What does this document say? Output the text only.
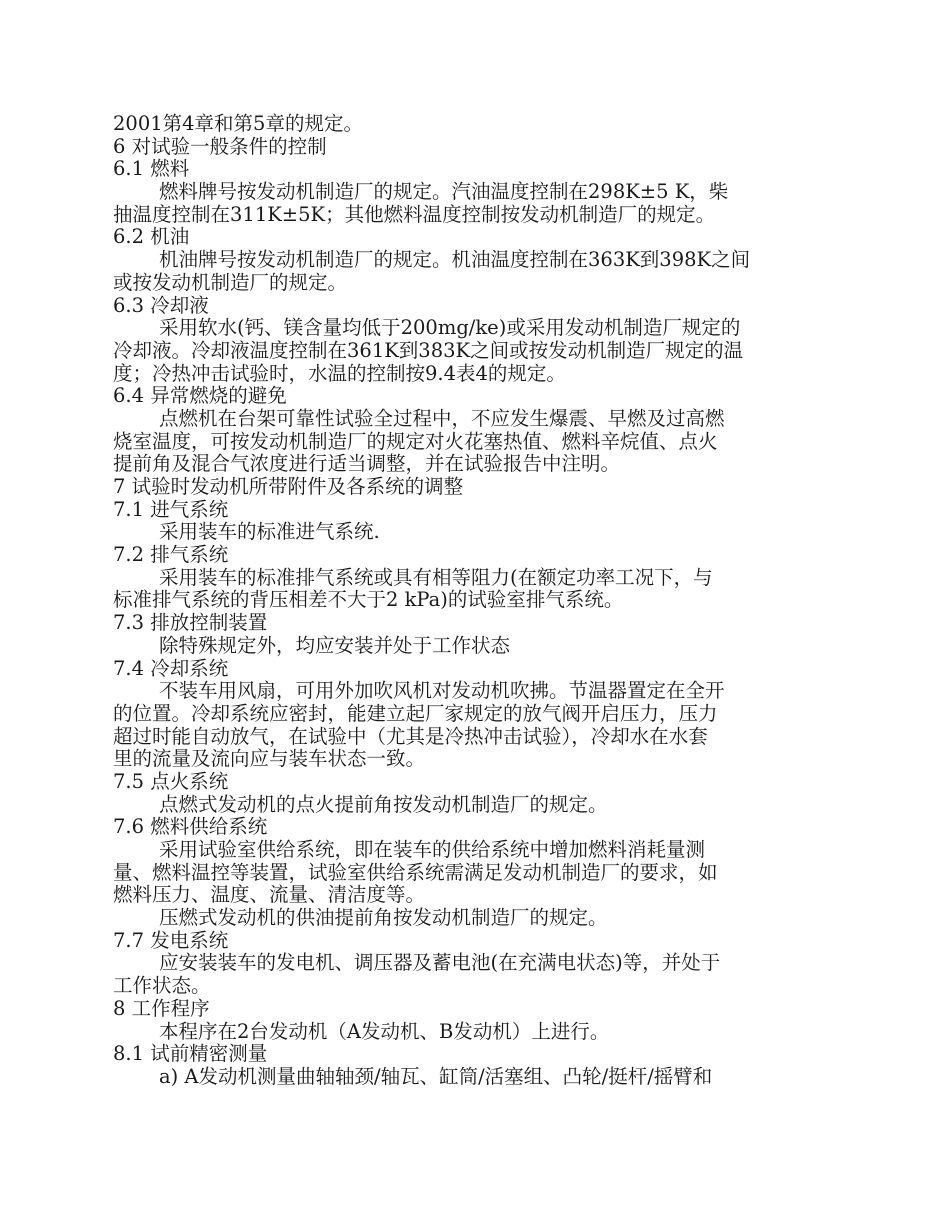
2001第4章和第5章的规定。
6 对试验一般条件的控制
6.1 燃料
燃料牌号按发动机制造厂的规定。汽油温度控制在298K±5 K，柴
抽温度控制在311K±5K；其他燃料温度控制按发动机制造厂的规定。
6.2 机油
机油牌号按发动机制造厂的规定。机油温度控制在363K到398K之间
或按发动机制造厂的规定。
6.3 冷却液
采用软水(钙、镁含量均低于200mg/ke)或采用发动机制造厂规定的
冷却液。冷却液温度控制在361K到383K之间或按发动机制造厂规定的温
度；冷热冲击试验时，水温的控制按9.4表4的规定。
6.4 异常燃烧的避免
点燃机在台架可靠性试验全过程中，不应发生爆震、早燃及过高燃
烧室温度，可按发动机制造厂的规定对火花塞热值、燃料辛烷值、点火
提前角及混合气浓度进行适当调整，并在试验报告中注明。
7 试验时发动机所带附件及各系统的调整
7.1 进气系统
采用装车的标准进气系统.
7.2 排气系统
采用装车的标准排气系统或具有相等阻力(在额定功率工况下，与
标准排气系统的背压相差不大于2 kPa)的试验室排气系统。
7.3 排放控制装置
除特殊规定外，均应安装并处于工作状态
7.4 冷却系统
不装车用风扇，可用外加吹风机对发动机吹拂。节温器置定在全开
的位置。冷却系统应密封，能建立起厂家规定的放气阀开启压力，压力
超过时能自动放气，在试验中（尤其是冷热冲击试验），冷却水在水套
里的流量及流向应与装车状态一致。
7.5 点火系统
点燃式发动机的点火提前角按发动机制造厂的规定。
7.6 燃料供给系统
采用试验室供给系统，即在装车的供给系统中增加燃料消耗量测
量、燃料温控等装置，试验室供给系统需满足发动机制造厂的要求，如
燃料压力、温度、流量、清洁度等。
压燃式发动机的供油提前角按发动机制造厂的规定。
7.7 发电系统
应安装装车的发电机、调压器及蓄电池(在充满电状态)等，并处于
工作状态。
8 工作程序
本程序在2台发动机（A发动机、B发动机）上进行。
8.1 试前精密测量
a) A发动机测量曲轴轴颈/轴瓦、缸筒/活塞组、凸轮/挺杆/摇臂和
